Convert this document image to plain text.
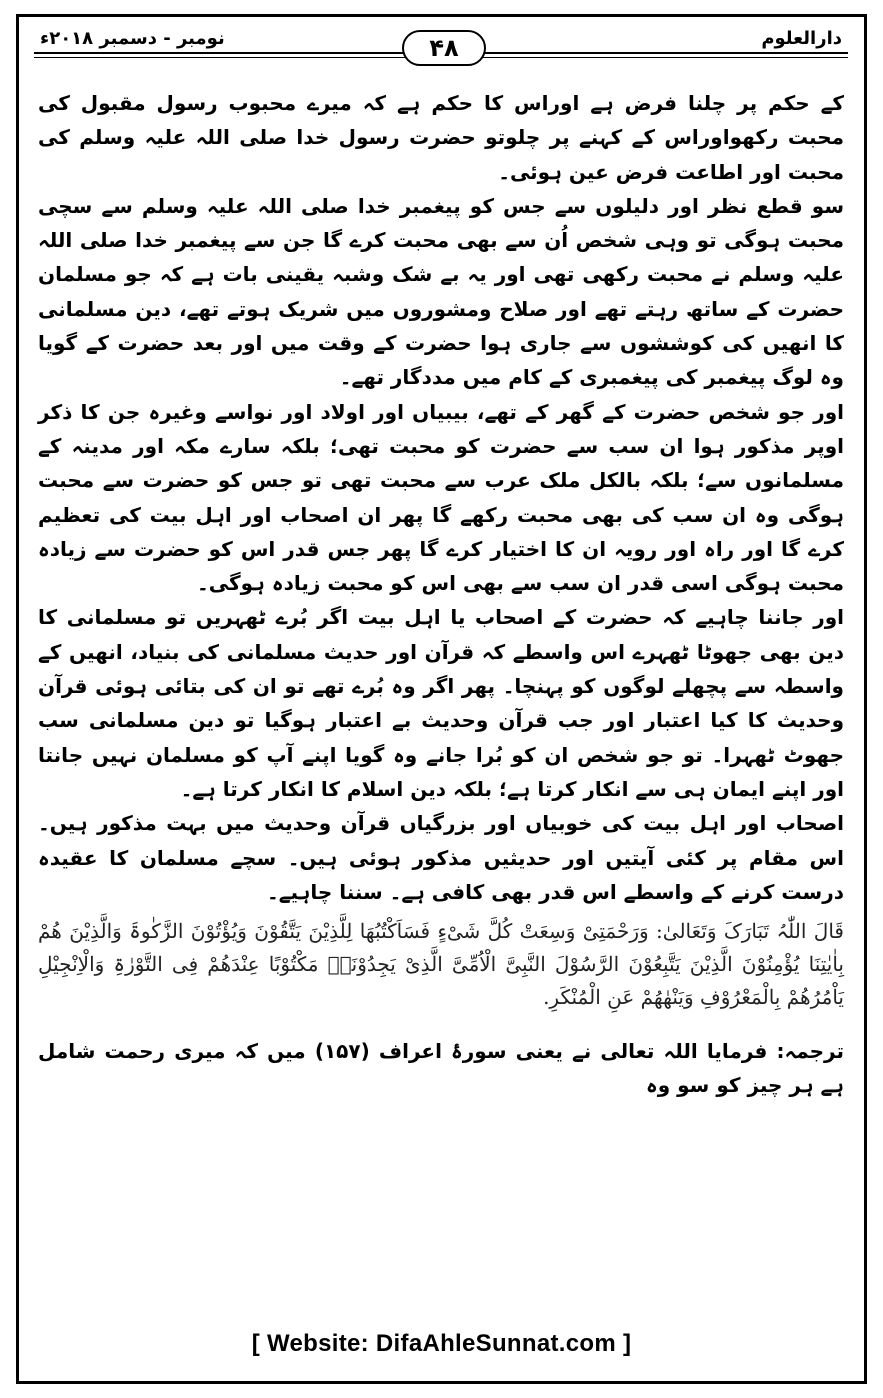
دارالعلوم
نومبر - دسمبر ۲۰۱۸ء	۴۸

کے حکم پر چلنا فرض ہے اوراس کا حکم ہے کہ میرے محبوب رسول مقبول کی محبت رکھواوراس کے کہنے پر چلوتو حضرت رسول خدا صلی اللہ علیہ وسلم کی محبت اور اطاعت فرض عین ہوئی۔

سو قطع نظر اور دلیلوں سے جس کو پیغمبر خدا صلی اللہ علیہ وسلم سے سچی محبت ہوگی تو وہی شخص اُن سے بھی محبت کرے گا جن سے پیغمبر خدا صلی اللہ علیہ وسلم نے محبت رکھی تھی اور یہ بے شک وشبہ یقینی بات ہے کہ جو مسلمان حضرت کے ساتھ رہتے تھے اور صلاح ومشوروں میں شریک ہوتے تھے، دین مسلمانی کا انھیں کی کوششوں سے جاری ہوا حضرت کے وقت میں اور بعد حضرت کے گویا وہ لوگ پیغمبر کی پیغمبری کے کام میں مددگار تھے۔

اور جو شخص حضرت کے گھر کے تھے، بیبیاں اور اولاد اور نواسے وغیرہ جن کا ذکر اوپر مذکور ہوا ان سب سے حضرت کو محبت تھی؛ بلکہ سارے مکہ اور مدینہ کے مسلمانوں سے؛ بلکہ بالکل ملک عرب سے محبت تھی تو جس کو حضرت سے محبت ہوگی وہ ان سب کی بھی محبت رکھے گا پھر ان اصحاب اور اہل بیت کی تعظیم کرے گا اور راہ اور رویہ ان کا اختیار کرے گا پھر جس قدر اس کو حضرت سے زیادہ محبت ہوگی اسی قدر ان سب سے بھی اس کو محبت زیادہ ہوگی۔

اور جاننا چاہیے کہ حضرت کے اصحاب یا اہل بیت اگر بُرے ٹھہریں تو مسلمانی کا دین بھی جھوٹا ٹھہرے اس واسطے کہ قرآن اور حدیث مسلمانی کی بنیاد، انھیں کے واسطہ سے پچھلے لوگوں کو پہنچا۔ پھر اگر وہ بُرے تھے تو ان کی بتائی ہوئی قرآن وحدیث کا کیا اعتبار اور جب قرآن وحدیث بے اعتبار ہوگیا تو دین مسلمانی سب جھوٹ ٹھہرا۔ تو جو شخص ان کو بُرا جانے وہ گویا اپنے آپ کو مسلمان نہیں جانتا اور اپنے ایمان ہی سے انکار کرتا ہے؛ بلکہ دین اسلام کا انکار کرتا ہے۔

اصحاب اور اہل بیت کی خوبیاں اور بزرگیاں قرآن وحدیث میں بہت مذکور ہیں۔ اس مقام پر کئی آیتیں اور حدیثیں مذکور ہوئی ہیں۔ سچے مسلمان کا عقیدہ درست کرنے کے واسطے اس قدر بھی کافی ہے۔ سننا چاہیے۔

قَالَ اللّٰہُ تَبَارَکَ وَتَعَالیٰ: وَرَحْمَتِیْ وَسِعَتْ کُلَّ شَیْءٍ فَسَاَکْتُبُھَا لِلَّذِیْنَ یَتَّقُوْنَ وَیُؤْتُوْنَ الزَّکٰوۃَ وَالَّذِیْنَ ھُمْ بِاٰیٰتِنَا یُؤْمِنُوْنَ الَّذِیْنَ یَتَّبِعُوْنَ الرَّسُوْلَ النَّبِیَّ الْاُمِّیَّ الَّذِیْ یَجِدُوْنَہٗ مَکْتُوْبًا عِنْدَھُمْ فِی التَّوْرٰۃِ وَالْاِنْجِیْلِ یَاْمُرُھُمْ بِالْمَعْرُوْفِ وَیَنْھٰھُمْ عَنِ الْمُنْکَرِ.

ترجمہ: فرمایا اللہ تعالی نے یعنی سورۂ اعراف (۱۵۷) میں کہ میری رحمت شامل ہے ہر چیز کو سو وہ

[ Website: DifaAhleSunnat.com ]
